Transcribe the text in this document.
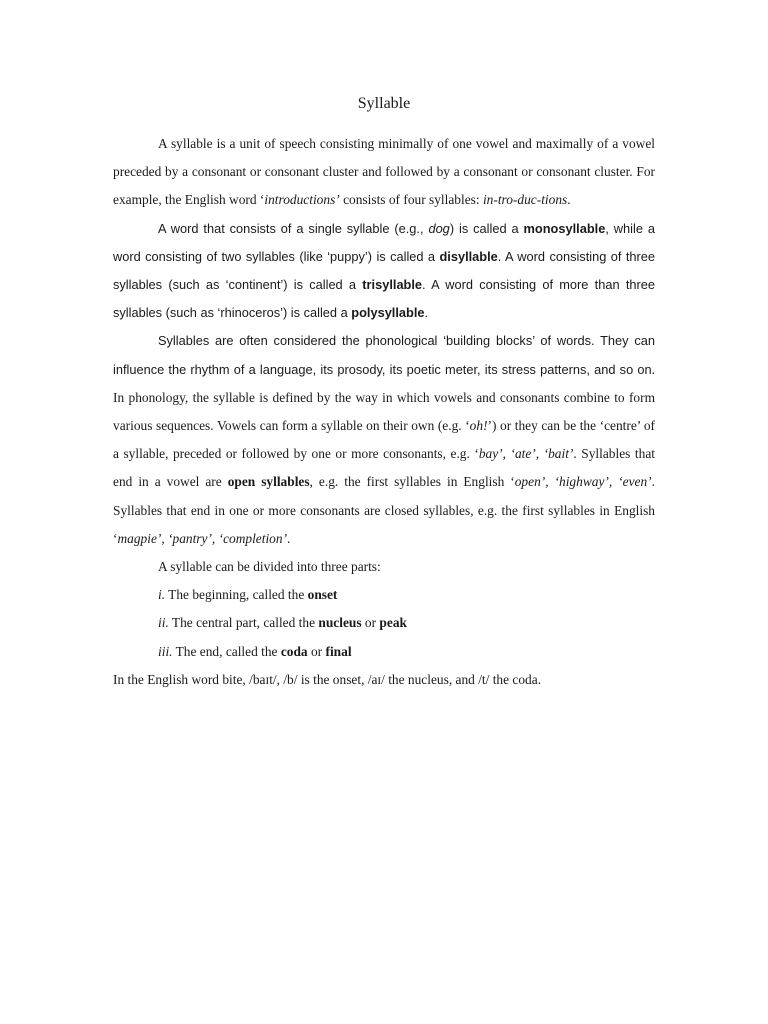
Syllable

A syllable is a unit of speech consisting minimally of one vowel and maximally of a vowel preceded by a consonant or consonant cluster and followed by a consonant or consonant cluster. For example, the English word ‘introductions’ consists of four syllables: in-tro-duc-tions.

A word that consists of a single syllable (e.g., dog) is called a monosyllable, while a word consisting of two syllables (like ‘puppy’) is called a disyllable. A word consisting of three syllables (such as ‘continent’) is called a trisyllable. A word consisting of more than three syllables (such as ‘rhinoceros’) is called a polysyllable.

Syllables are often considered the phonological ‘building blocks’ of words. They can influence the rhythm of a language, its prosody, its poetic meter, its stress patterns, and so on. In phonology, the syllable is defined by the way in which vowels and consonants combine to form various sequences. Vowels can form a syllable on their own (e.g. ‘oh!’) or they can be the ‘centre’ of a syllable, preceded or followed by one or more consonants, e.g. ‘bay’, ‘ate’, ‘bait’. Syllables that end in a vowel are open syllables, e.g. the first syllables in English ‘open’, ‘highway’, ‘even’. Syllables that end in one or more consonants are closed syllables, e.g. the first syllables in English ‘magpie’, ‘pantry’, ‘completion’.

A syllable can be divided into three parts:

i. The beginning, called the onset

ii. The central part, called the nucleus or peak

iii. The end, called the coda or final

In the English word bite, /baɪt/, /b/ is the onset, /aɪ/ the nucleus, and /t/ the coda.
